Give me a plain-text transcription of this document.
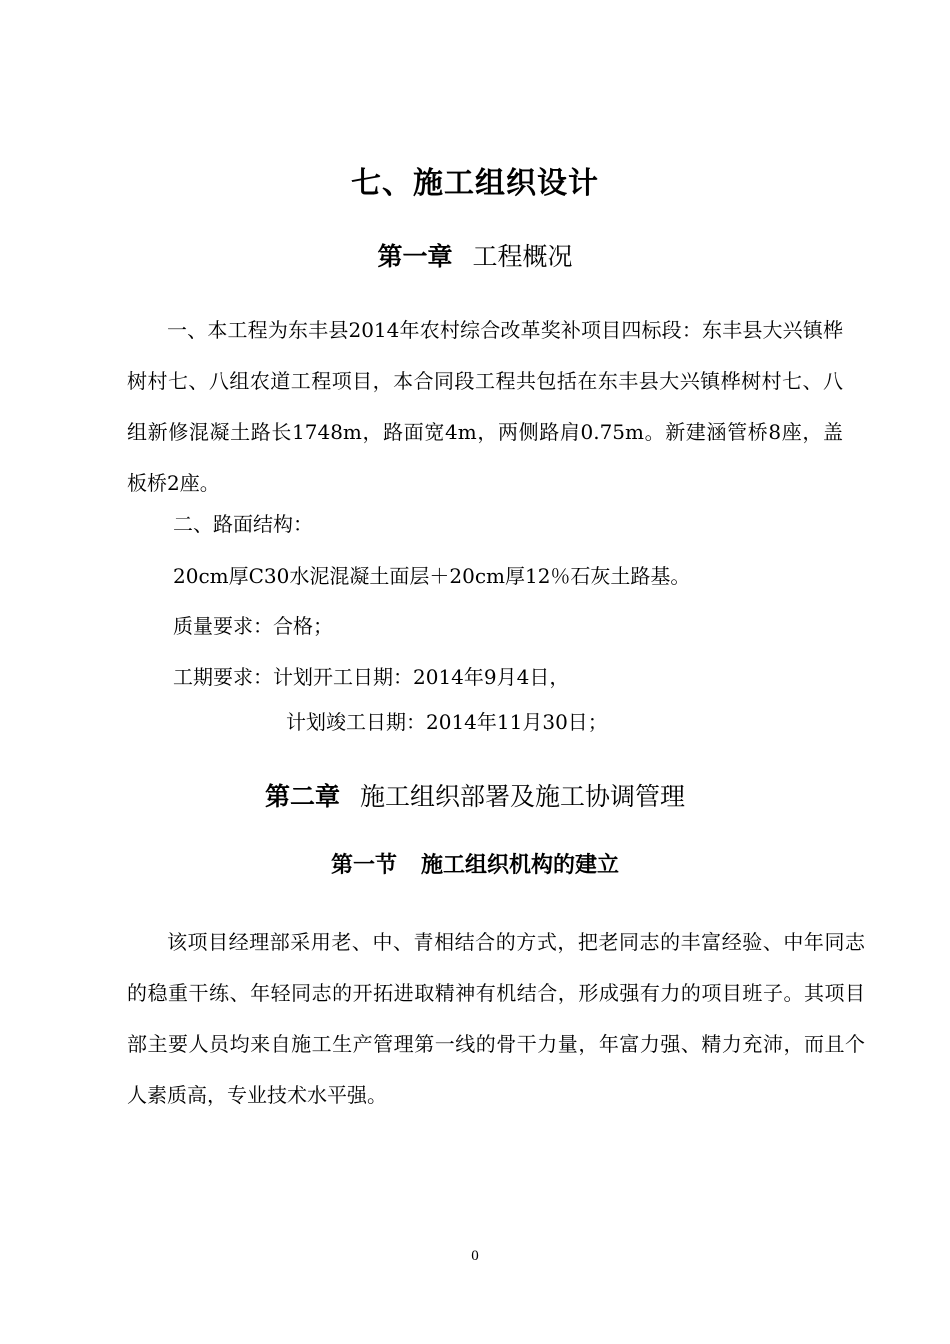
七、施工组织设计
第一章 工程概况
一、本工程为东丰县2014年农村综合改革奖补项目四标段：东丰县大兴镇桦树村七、八组农道工程项目，本合同段工程共包括在东丰县大兴镇桦树村七、八组新修混凝土路长1748m，路面宽4m，两侧路肩0.75m。新建涵管桥8座，盖板桥2座。
二、路面结构：
20cm厚C30水泥混凝土面层＋20cm厚12％石灰土路基。
质量要求：合格；
工期要求：计划开工日期：2014年9月4日，
计划竣工日期：2014年11月30日；
第二章 施工组织部署及施工协调管理
第一节 施工组织机构的建立
该项目经理部采用老、中、青相结合的方式，把老同志的丰富经验、中年同志的稳重干练、年轻同志的开拓进取精神有机结合，形成强有力的项目班子。其项目部主要人员均来自施工生产管理第一线的骨干力量，年富力强、精力充沛，而且个人素质高，专业技术水平强。
0
